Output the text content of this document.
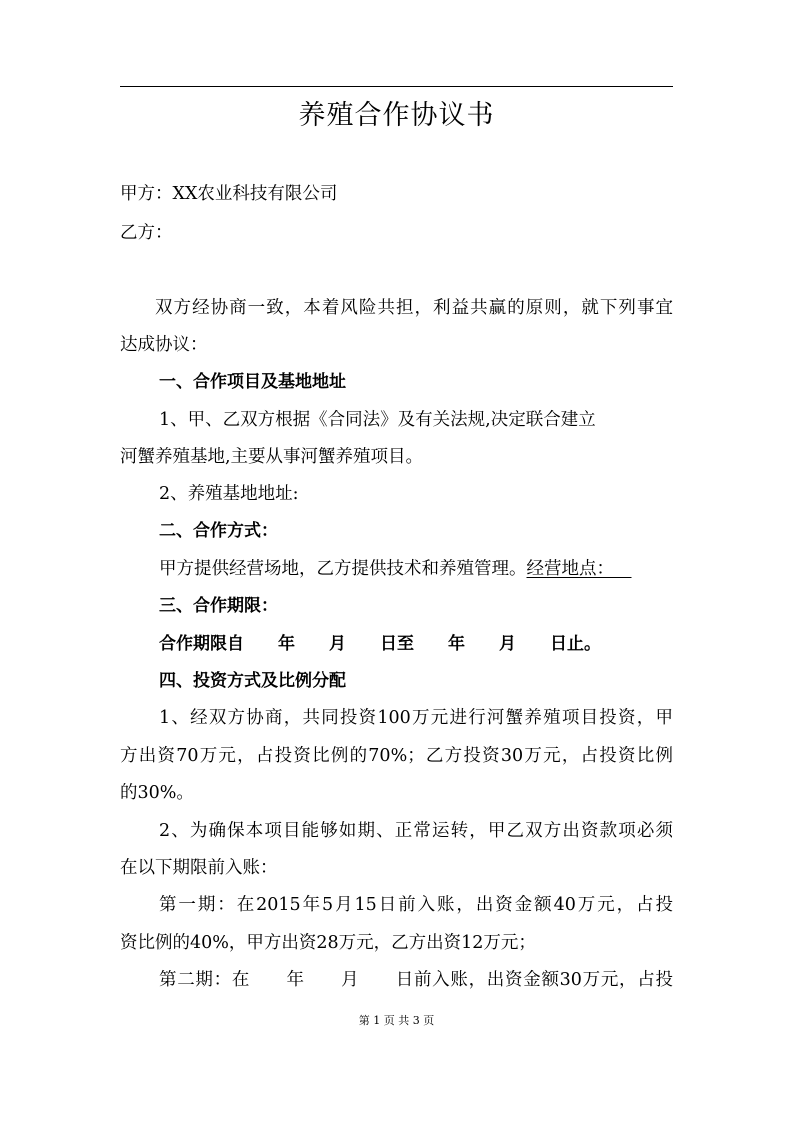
养殖合作协议书
甲方：XX农业科技有限公司
乙方：
双方经协商一致，本着风险共担，利益共赢的原则，就下列事宜
达成协议：
一、合作项目及基地地址
1、甲、乙双方根据《合同法》及有关法规,决定联合建立
河蟹养殖基地,主要从事河蟹养殖项目。
2、养殖基地地址:
二、合作方式：
甲方提供经营场地，乙方提供技术和养殖管理。经营地点： 
三、合作期限：
合作期限自　　年　　月　　日至　　年　　月　　日止。
四、投资方式及比例分配
1、经双方协商，共同投资100万元进行河蟹养殖项目投资，甲
方出资70万元，占投资比例的70%；乙方投资30万元，占投资比例
的30%。
2、为确保本项目能够如期、正常运转，甲乙双方出资款项必须
在以下期限前入账：
第一期：在2015年5月15日前入账，出资金额40万元，占投
资比例的40%，甲方出资28万元，乙方出资12万元；
第二期：在　　年　　月　　日前入账，出资金额30万元，占投
第 1 页 共 3 页
